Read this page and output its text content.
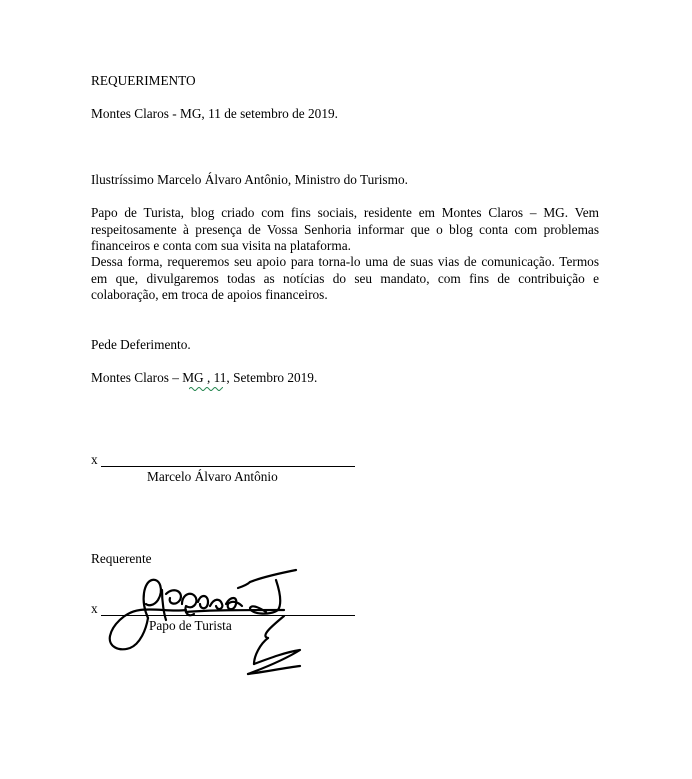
REQUERIMENTO
Montes Claros - MG, 11 de setembro de 2019.
Ilustríssimo Marcelo Álvaro Antônio, Ministro do Turismo.
Papo de Turista, blog criado com fins sociais, residente em Montes Claros – MG. Vem respeitosamente à presença de Vossa Senhoria informar que o blog conta com problemas financeiros e conta com sua visita na plataforma.
Dessa forma, requeremos seu apoio para torna-lo uma de suas vias de comunicação. Termos em que, divulgaremos todas as notícias do seu mandato, com fins de contribuição e colaboração, em troca de apoios financeiros.
Pede Deferimento.
Montes Claros – MG , 11, Setembro 2019.
x
Marcelo Álvaro Antônio
Requerente
x
Papo de Turista
